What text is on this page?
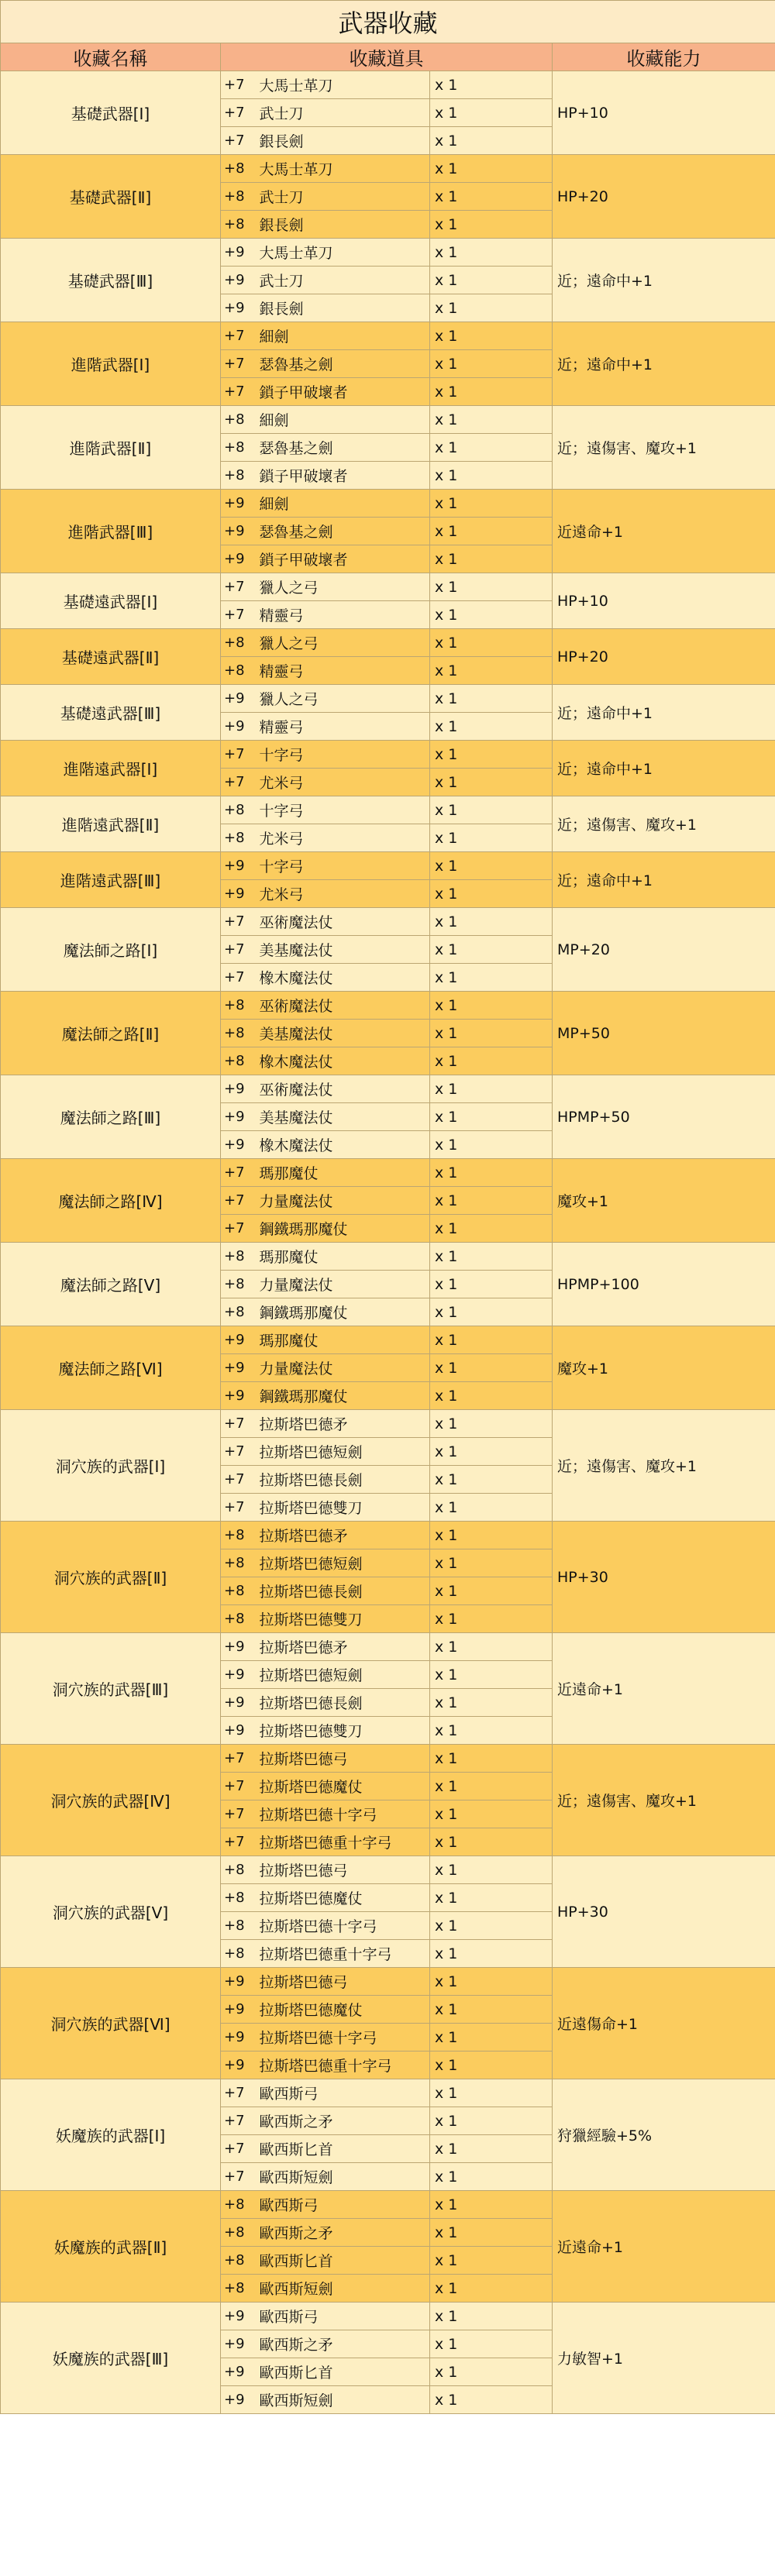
武器收藏				
收藏名稱	收藏道具			收藏能力
基礎武器[Ⅰ]	+7	大馬士革刀	x 1	HP+10
	+7	武士刀	x 1	
	+7	銀長劍	x 1	
基礎武器[Ⅱ]	+8	大馬士革刀	x 1	HP+20
	+8	武士刀	x 1	
	+8	銀長劍	x 1	
基礎武器[Ⅲ]	+9	大馬士革刀	x 1	近；遠命中+1
	+9	武士刀	x 1	
	+9	銀長劍	x 1	
進階武器[Ⅰ]	+7	細劍	x 1	近；遠命中+1
	+7	瑟魯基之劍	x 1	
	+7	鎖子甲破壞者	x 1	
進階武器[Ⅱ]	+8	細劍	x 1	近；遠傷害、魔攻+1
	+8	瑟魯基之劍	x 1	
	+8	鎖子甲破壞者	x 1	
進階武器[Ⅲ]	+9	細劍	x 1	近遠命+1
	+9	瑟魯基之劍	x 1	
	+9	鎖子甲破壞者	x 1	
基礎遠武器[Ⅰ]	+7	獵人之弓	x 1	HP+10
	+7	精靈弓	x 1	
基礎遠武器[Ⅱ]	+8	獵人之弓	x 1	HP+20
	+8	精靈弓	x 1	
基礎遠武器[Ⅲ]	+9	獵人之弓	x 1	近；遠命中+1
	+9	精靈弓	x 1	
進階遠武器[Ⅰ]	+7	十字弓	x 1	近；遠命中+1
	+7	尤米弓	x 1	
進階遠武器[Ⅱ]	+8	十字弓	x 1	近；遠傷害、魔攻+1
	+8	尤米弓	x 1	
進階遠武器[Ⅲ]	+9	十字弓	x 1	近；遠命中+1
	+9	尤米弓	x 1	
魔法師之路[Ⅰ]	+7	巫術魔法仗	x 1	MP+20
	+7	美基魔法仗	x 1	
	+7	橡木魔法仗	x 1	
魔法師之路[Ⅱ]	+8	巫術魔法仗	x 1	MP+50
	+8	美基魔法仗	x 1	
	+8	橡木魔法仗	x 1	
魔法師之路[Ⅲ]	+9	巫術魔法仗	x 1	HPMP+50
	+9	美基魔法仗	x 1	
	+9	橡木魔法仗	x 1	
魔法師之路[Ⅳ]	+7	瑪那魔仗	x 1	魔攻+1
	+7	力量魔法仗	x 1	
	+7	鋼鐵瑪那魔仗	x 1	
魔法師之路[Ⅴ]	+8	瑪那魔仗	x 1	HPMP+100
	+8	力量魔法仗	x 1	
	+8	鋼鐵瑪那魔仗	x 1	
魔法師之路[Ⅵ]	+9	瑪那魔仗	x 1	魔攻+1
	+9	力量魔法仗	x 1	
	+9	鋼鐵瑪那魔仗	x 1	
洞穴族的武器[Ⅰ]	+7	拉斯塔巴德矛	x 1	近；遠傷害、魔攻+1
	+7	拉斯塔巴德短劍	x 1	
	+7	拉斯塔巴德長劍	x 1	
	+7	拉斯塔巴德雙刀	x 1	
洞穴族的武器[Ⅱ]	+8	拉斯塔巴德矛	x 1	HP+30
	+8	拉斯塔巴德短劍	x 1	
	+8	拉斯塔巴德長劍	x 1	
	+8	拉斯塔巴德雙刀	x 1	
洞穴族的武器[Ⅲ]	+9	拉斯塔巴德矛	x 1	近遠命+1
	+9	拉斯塔巴德短劍	x 1	
	+9	拉斯塔巴德長劍	x 1	
	+9	拉斯塔巴德雙刀	x 1	
洞穴族的武器[Ⅳ]	+7	拉斯塔巴德弓	x 1	近；遠傷害、魔攻+1
	+7	拉斯塔巴德魔仗	x 1	
	+7	拉斯塔巴德十字弓	x 1	
	+7	拉斯塔巴德重十字弓	x 1	
洞穴族的武器[Ⅴ]	+8	拉斯塔巴德弓	x 1	HP+30
	+8	拉斯塔巴德魔仗	x 1	
	+8	拉斯塔巴德十字弓	x 1	
	+8	拉斯塔巴德重十字弓	x 1	
洞穴族的武器[Ⅵ]	+9	拉斯塔巴德弓	x 1	近遠傷命+1
	+9	拉斯塔巴德魔仗	x 1	
	+9	拉斯塔巴德十字弓	x 1	
	+9	拉斯塔巴德重十字弓	x 1	
妖魔族的武器[Ⅰ]	+7	歐西斯弓	x 1	狩獵經驗+5%
	+7	歐西斯之矛	x 1	
	+7	歐西斯匕首	x 1	
	+7	歐西斯短劍	x 1	
妖魔族的武器[Ⅱ]	+8	歐西斯弓	x 1	近遠命+1
	+8	歐西斯之矛	x 1	
	+8	歐西斯匕首	x 1	
	+8	歐西斯短劍	x 1	
妖魔族的武器[Ⅲ]	+9	歐西斯弓	x 1	力敏智+1
	+9	歐西斯之矛	x 1	
	+9	歐西斯匕首	x 1	
	+9	歐西斯短劍	x 1	
